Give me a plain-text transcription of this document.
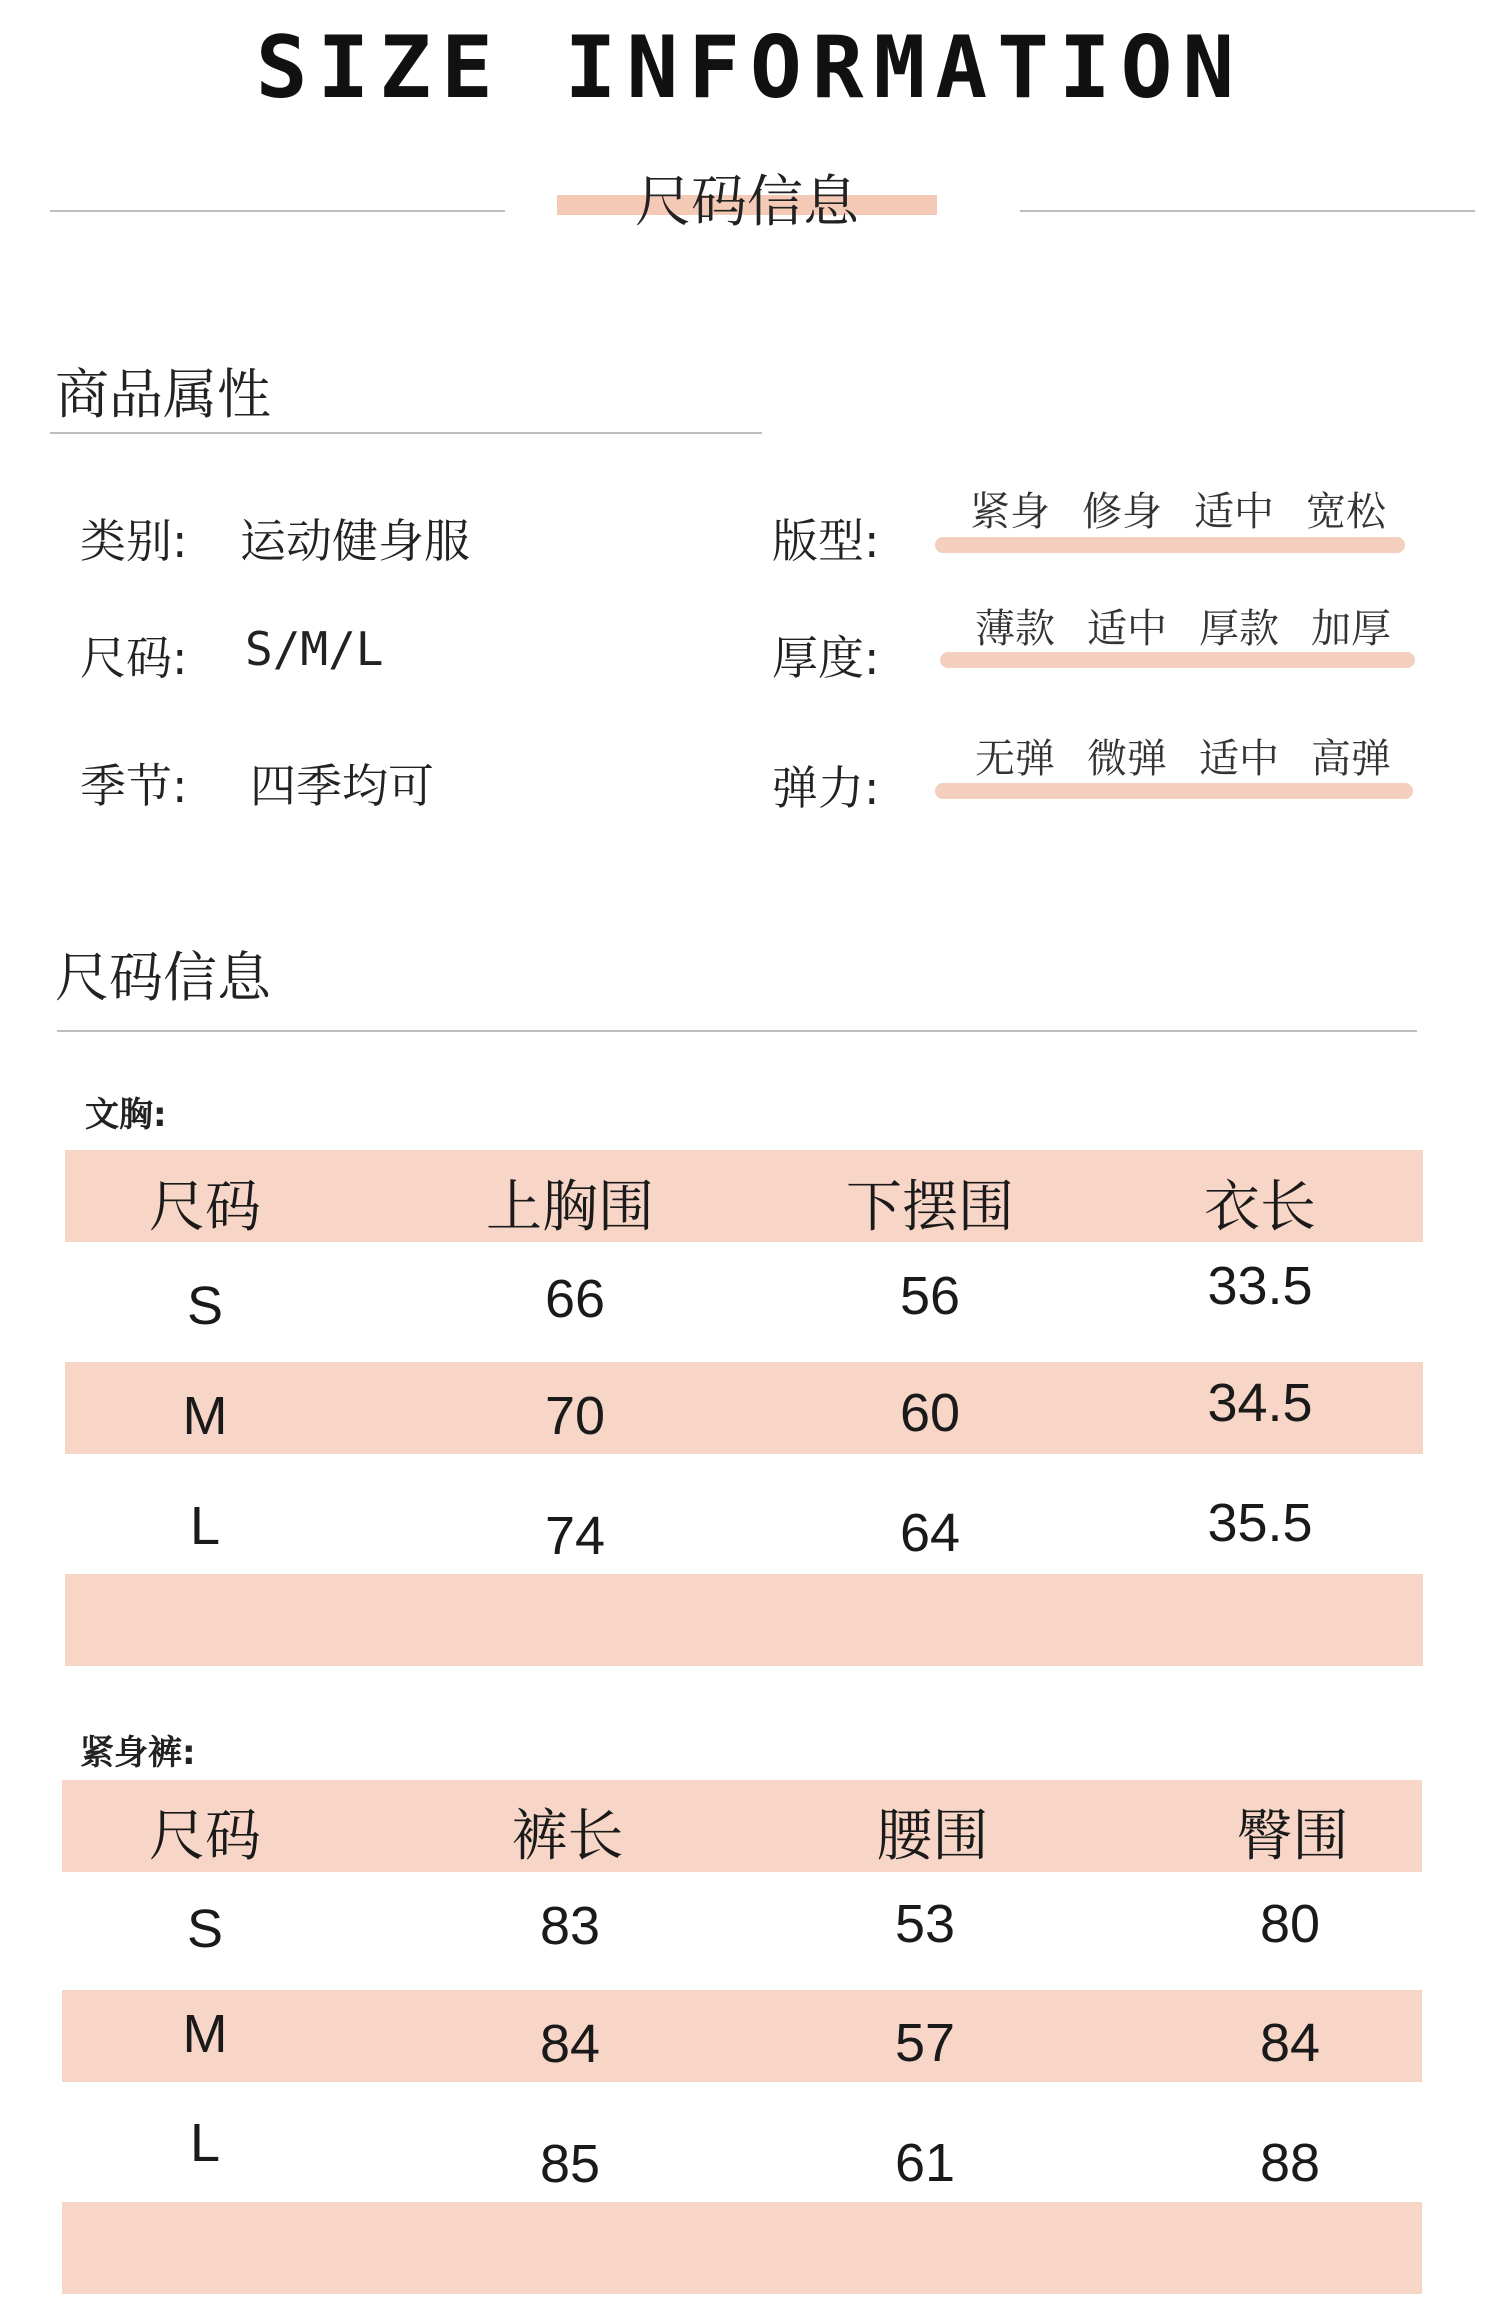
SIZE INFORMATION
尺码信息
商品属性
类别: 运动健身服
尺码: S/M/L
季节: 四季均可
版型:
紧身 修身 适中 宽松
厚度:
薄款 适中 厚款 加厚
弹力:
无弹 微弹 适中 高弹
尺码信息
文胸:
尺码	上胸围	下摆围	衣长
S	66	56	33.5
M	70	60	34.5
L	74	64	35.5
紧身裤:
尺码	裤长	腰围	臀围
S	83	53	80
M	84	57	84
L	85	61	88
